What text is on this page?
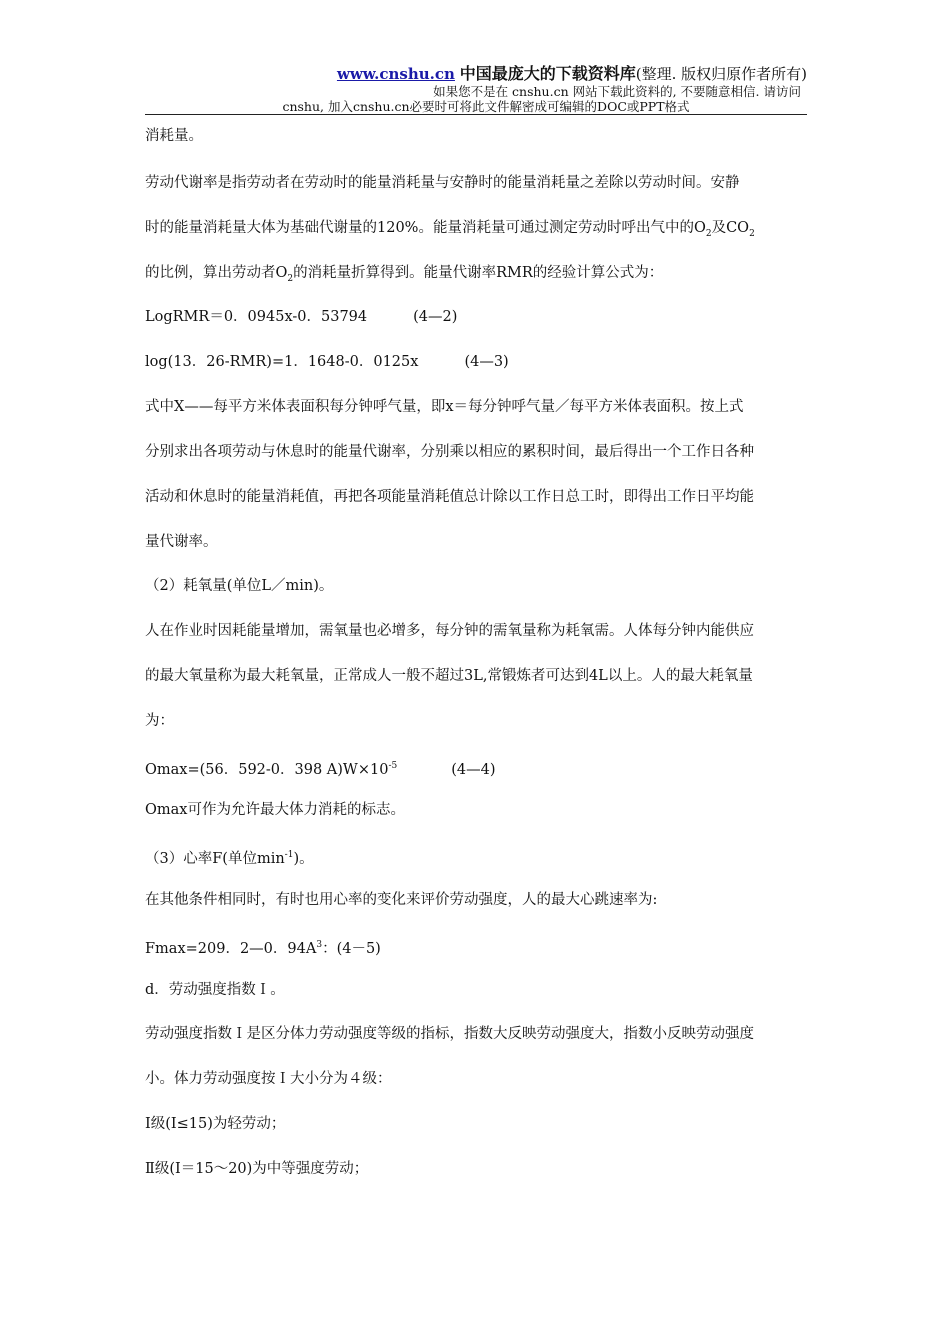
www.cnshu.cn 中国最庞大的下载资料库(整理. 版权归原作者所有)
如果您不是在 cnshu.cn 网站下载此资料的, 不要随意相信. 请访问
cnshu, 加入cnshu.cn必要时可将此文件解密成可编辑的DOC或PPT格式
消耗量。
劳动代谢率是指劳动者在劳动时的能量消耗量与安静时的能量消耗量之差除以劳动时间。安静
时的能量消耗量大体为基础代谢量的120%。能量消耗量可通过测定劳动时呼出气中的$O_2$及$CO_2$
的比例，算出劳动者$O_2$的消耗量折算得到。能量代谢率RMR的经验计算公式为：
LogRMR＝0．0945x-0．53794	(4—2)
log(13．26-RMR)=1．1648-0．0125x	(4—3)
式中X——每平方米体表面积每分钟呼气量，即x＝每分钟呼气量／每平方米体表面积。按上式
分别求出各项劳动与休息时的能量代谢率，分别乘以相应的累积时间，最后得出一个工作日各种
活动和休息时的能量消耗值，再把各项能量消耗值总计除以工作日总工时，即得出工作日平均能
量代谢率。
（2）耗氧量(单位L／min)。
人在作业时因耗能量增加，需氧量也必增多，每分钟的需氧量称为耗氧需。人体每分钟内能供应
的最大氧量称为最大耗氧量，正常成人一般不超过3L,常锻炼者可达到4L以上。人的最大耗氧量
为：
Omax=(56．592-0．398 $A)W\times 10^{-5}$	(4—4)
Omax可作为允许最大体力消耗的标志。
（3）心率F(单位$\min^{-1}$)。
在其他条件相同时，有时也用心率的变化来评价劳动强度，人的最大心跳速率为:
Fmax=209．2—0．$94A^3$：(4－5)
d．劳动强度指数Ｉ。
劳动强度指数Ｉ是区分体力劳动强度等级的指标，指数大反映劳动强度大，指数小反映劳动强度
小。体力劳动强度按Ｉ大小分为４级：
Ⅰ级(I≤15)为轻劳动；
Ⅱ级(I＝15～20)为中等强度劳动；
